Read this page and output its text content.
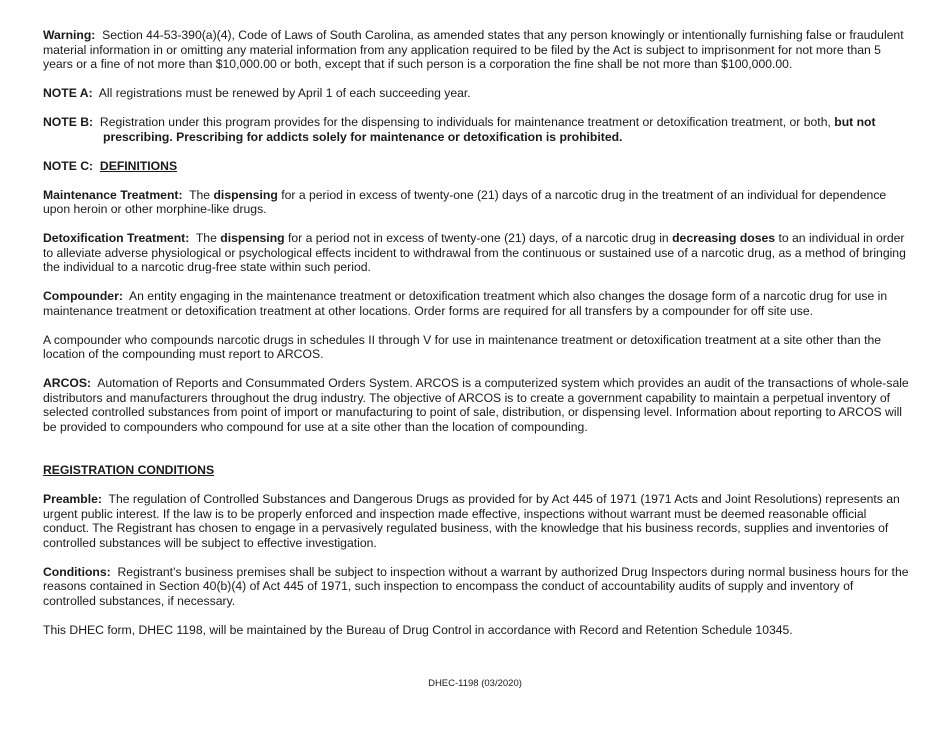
Warning: Section 44-53-390(a)(4), Code of Laws of South Carolina, as amended states that any person knowingly or intentionally furnishing false or fraudulent material information in or omitting any material information from any application required to be filed by the Act is subject to imprisonment for not more than 5 years or a fine of not more than $10,000.00 or both, except that if such person is a corporation the fine shall be not more than $100,000.00.

NOTE A: All registrations must be renewed by April 1 of each succeeding year.

NOTE B: Registration under this program provides for the dispensing to individuals for maintenance treatment or detoxification treatment, or both, but not prescribing. Prescribing for addicts solely for maintenance or detoxification is prohibited.

NOTE C: DEFINITIONS

Maintenance Treatment: The dispensing for a period in excess of twenty-one (21) days of a narcotic drug in the treatment of an individual for dependence upon heroin or other morphine-like drugs.

Detoxification Treatment: The dispensing for a period not in excess of twenty-one (21) days, of a narcotic drug in decreasing doses to an individual in order to alleviate adverse physiological or psychological effects incident to withdrawal from the continuous or sustained use of a narcotic drug, as a method of bringing the individual to a narcotic drug-free state within such period.

Compounder: An entity engaging in the maintenance treatment or detoxification treatment which also changes the dosage form of a narcotic drug for use in maintenance treatment or detoxification treatment at other locations. Order forms are required for all transfers by a compounder for off site use.

A compounder who compounds narcotic drugs in schedules II through V for use in maintenance treatment or detoxification treatment at a site other than the location of the compounding must report to ARCOS.

ARCOS: Automation of Reports and Consummated Orders System. ARCOS is a computerized system which provides an audit of the transactions of whole-sale distributors and manufacturers throughout the drug industry. The objective of ARCOS is to create a government capability to maintain a perpetual inventory of selected controlled substances from point of import or manufacturing to point of sale, distribution, or dispensing level. Information about reporting to ARCOS will be provided to compounders who compound for use at a site other than the location of compounding.

REGISTRATION CONDITIONS

Preamble: The regulation of Controlled Substances and Dangerous Drugs as provided for by Act 445 of 1971 (1971 Acts and Joint Resolutions) represents an urgent public interest. If the law is to be properly enforced and inspection made effective, inspections without warrant must be deemed reasonable official conduct. The Registrant has chosen to engage in a pervasively regulated business, with the knowledge that his business records, supplies and inventories of controlled substances will be subject to effective investigation.

Conditions: Registrant’s business premises shall be subject to inspection without a warrant by authorized Drug Inspectors during normal business hours for the reasons contained in Section 40(b)(4) of Act 445 of 1971, such inspection to encompass the conduct of accountability audits of supply and inventory of controlled substances, if necessary.

This DHEC form, DHEC 1198, will be maintained by the Bureau of Drug Control in accordance with Record and Retention Schedule 10345.

DHEC-1198 (03/2020)
